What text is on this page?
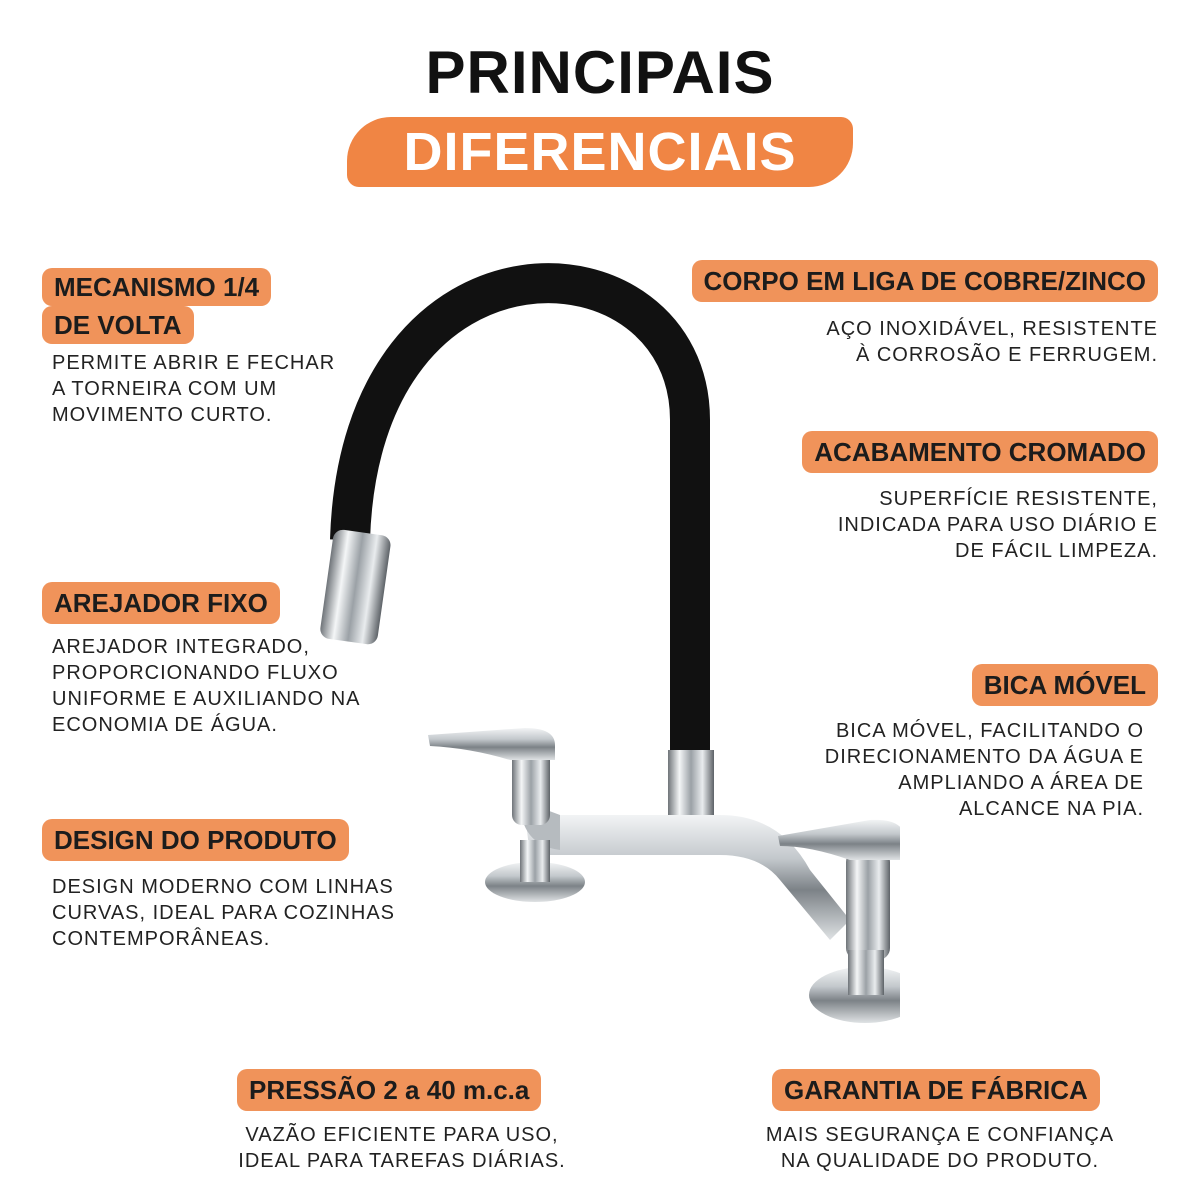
PRINCIPAIS
DIFERENCIAIS
MECANISMO 1/4
DE VOLTA
PERMITE ABRIR E FECHAR
A TORNEIRA COM UM
MOVIMENTO CURTO.
AREJADOR FIXO
AREJADOR INTEGRADO,
PROPORCIONANDO FLUXO
UNIFORME E AUXILIANDO NA
ECONOMIA DE ÁGUA.
DESIGN DO PRODUTO
DESIGN MODERNO COM LINHAS
CURVAS, IDEAL PARA COZINHAS
CONTEMPORÂNEAS.
CORPO EM LIGA DE COBRE/ZINCO
AÇO INOXIDÁVEL, RESISTENTE
À CORROSÃO E FERRUGEM.
ACABAMENTO CROMADO
SUPERFÍCIE RESISTENTE,
INDICADA PARA USO DIÁRIO E
DE FÁCIL LIMPEZA.
BICA MÓVEL
BICA MÓVEL, FACILITANDO O
DIRECIONAMENTO DA ÁGUA E
AMPLIANDO A ÁREA DE
ALCANCE NA PIA.
PRESSÃO 2 a 40 m.c.a
VAZÃO EFICIENTE PARA USO,
IDEAL PARA TAREFAS DIÁRIAS.
GARANTIA DE FÁBRICA
MAIS SEGURANÇA E CONFIANÇA
NA QUALIDADE DO PRODUTO.
